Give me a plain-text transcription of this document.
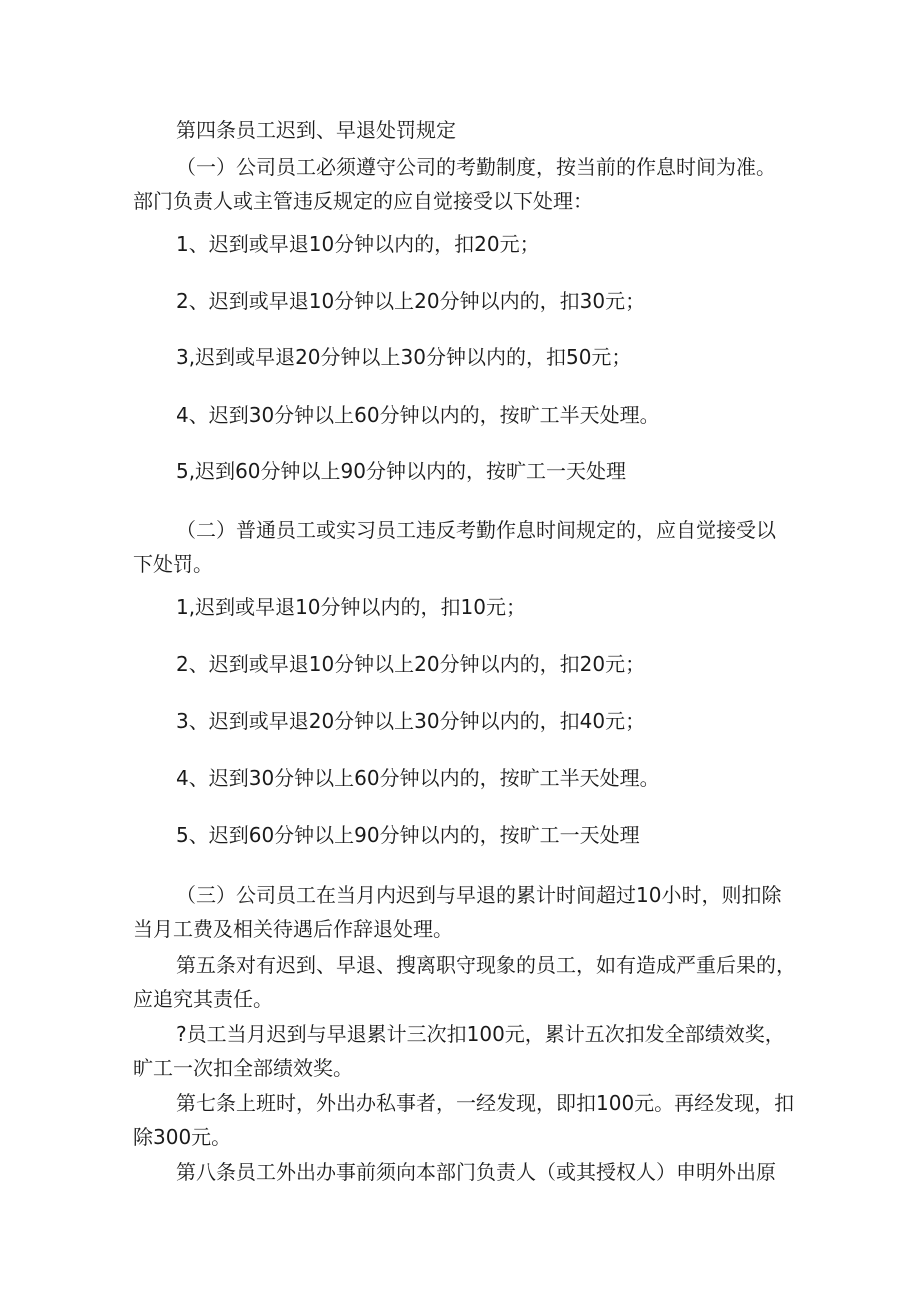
第四条员工迟到、早退处罚规定
（一）公司员工必须遵守公司的考勤制度，按当前的作息时间为准。
部门负责人或主管违反规定的应自觉接受以下处理：
1、迟到或早退10分钟以内的，扣20元；
2、迟到或早退10分钟以上20分钟以内的，扣30元；
3,迟到或早退20分钟以上30分钟以内的，扣50元；
4、迟到30分钟以上60分钟以内的，按旷工半天处理。
5,迟到60分钟以上90分钟以内的，按旷工一天处理
（二）普通员工或实习员工违反考勤作息时间规定的，应自觉接受以
下处罚。
1,迟到或早退10分钟以内的，扣10元；
2、迟到或早退10分钟以上20分钟以内的，扣20元；
3、迟到或早退20分钟以上30分钟以内的，扣40元；
4、迟到30分钟以上60分钟以内的，按旷工半天处理。
5、迟到60分钟以上90分钟以内的，按旷工一天处理
（三）公司员工在当月内迟到与早退的累计时间超过10小时，则扣除
当月工费及相关待遇后作辞退处理。
第五条对有迟到、早退、搜离职守现象的员工，如有造成严重后果的，
应追究其责任。
?员工当月迟到与早退累计三次扣100元，累计五次扣发全部绩效奖，
旷工一次扣全部绩效奖。
第七条上班时，外出办私事者，一经发现，即扣100元。再经发现，扣
除300元。
第八条员工外出办事前须向本部门负责人（或其授权人）申明外出原
